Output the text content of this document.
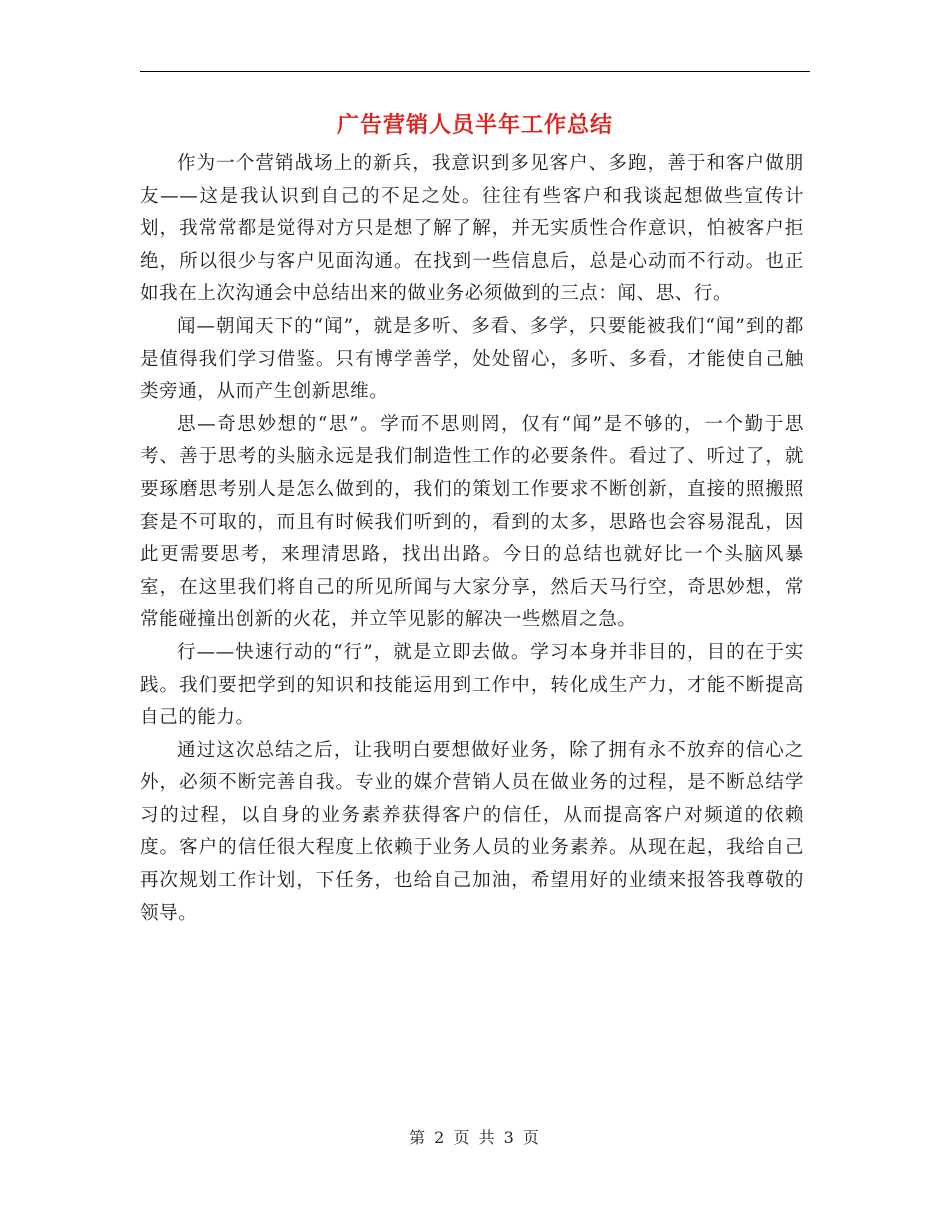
广告营销人员半年工作总结

作为一个营销战场上的新兵，我意识到多见客户、多跑，善于和客户做朋友——这是我认识到自己的不足之处。往往有些客户和我谈起想做些宣传计划，我常常都是觉得对方只是想了解了解，并无实质性合作意识，怕被客户拒绝，所以很少与客户见面沟通。在找到一些信息后，总是心动而不行动。也正如我在上次沟通会中总结出来的做业务必须做到的三点：闻、思、行。

闻—朝闻天下的“闻”，就是多听、多看、多学，只要能被我们“闻”到的都是值得我们学习借鉴。只有博学善学，处处留心，多听、多看，才能使自己触类旁通，从而产生创新思维。

思—奇思妙想的“思”。学而不思则罔，仅有“闻”是不够的，一个勤于思考、善于思考的头脑永远是我们制造性工作的必要条件。看过了、听过了，就要琢磨思考别人是怎么做到的，我们的策划工作要求不断创新，直接的照搬照套是不可取的，而且有时候我们听到的，看到的太多，思路也会容易混乱，因此更需要思考，来理清思路，找出出路。今日的总结也就好比一个头脑风暴室，在这里我们将自己的所见所闻与大家分享，然后天马行空，奇思妙想，常常能碰撞出创新的火花，并立竿见影的解决一些燃眉之急。

行——快速行动的“行”，就是立即去做。学习本身并非目的，目的在于实践。我们要把学到的知识和技能运用到工作中，转化成生产力，才能不断提高自己的能力。

通过这次总结之后，让我明白要想做好业务，除了拥有永不放弃的信心之外，必须不断完善自我。专业的媒介营销人员在做业务的过程，是不断总结学习的过程，以自身的业务素养获得客户的信任，从而提高客户对频道的依赖度。客户的信任很大程度上依赖于业务人员的业务素养。从现在起，我给自己再次规划工作计划，下任务，也给自己加油，希望用好的业绩来报答我尊敬的领导。

第 2 页 共 3 页
